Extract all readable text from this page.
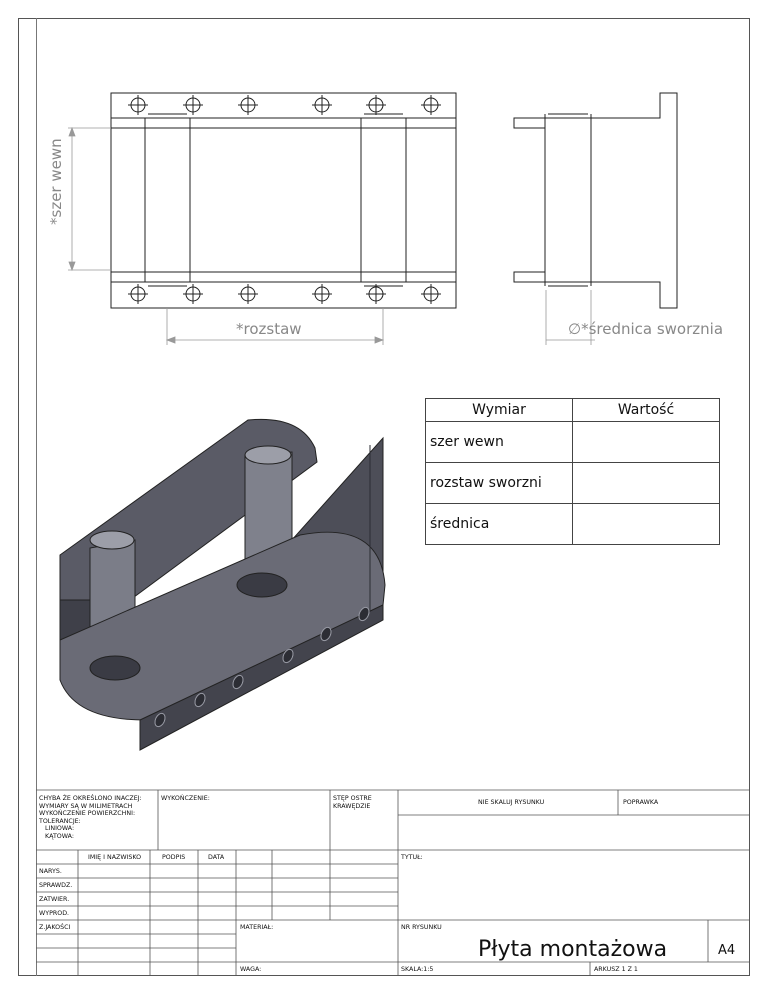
*szer wewn
*rozstaw	∅*średnica sworznia
Wymiar	Wartość
szer wewn	
rozstaw sworzni	
średnica	
CHYBA ŻE OKREŚLONO INACZEJ:
WYMIARY SĄ W MILIMETRACH
WYKOŃCZENIE POWIERZCHNI:
TOLERANCJE:
LINIOWA:
KĄTOWA:
WYKOŃCZENIE:	STĘP OSTRE
KRAWĘDZIE	NIE SKALUJ RYSUNKU	POPRAWKA
IMIĘ I NAZWISKO	PODPIS	DATA
NARYS.
SPRAWDZ.
ZATWIER.
WYPROD.
Z.JAKOŚCI
TYTUŁ:
MATERIAŁ:	NR RYSUNKU
Płyta montażowa	A4
WAGA:	SKALA:1:5	ARKUSZ 1 Z 1
